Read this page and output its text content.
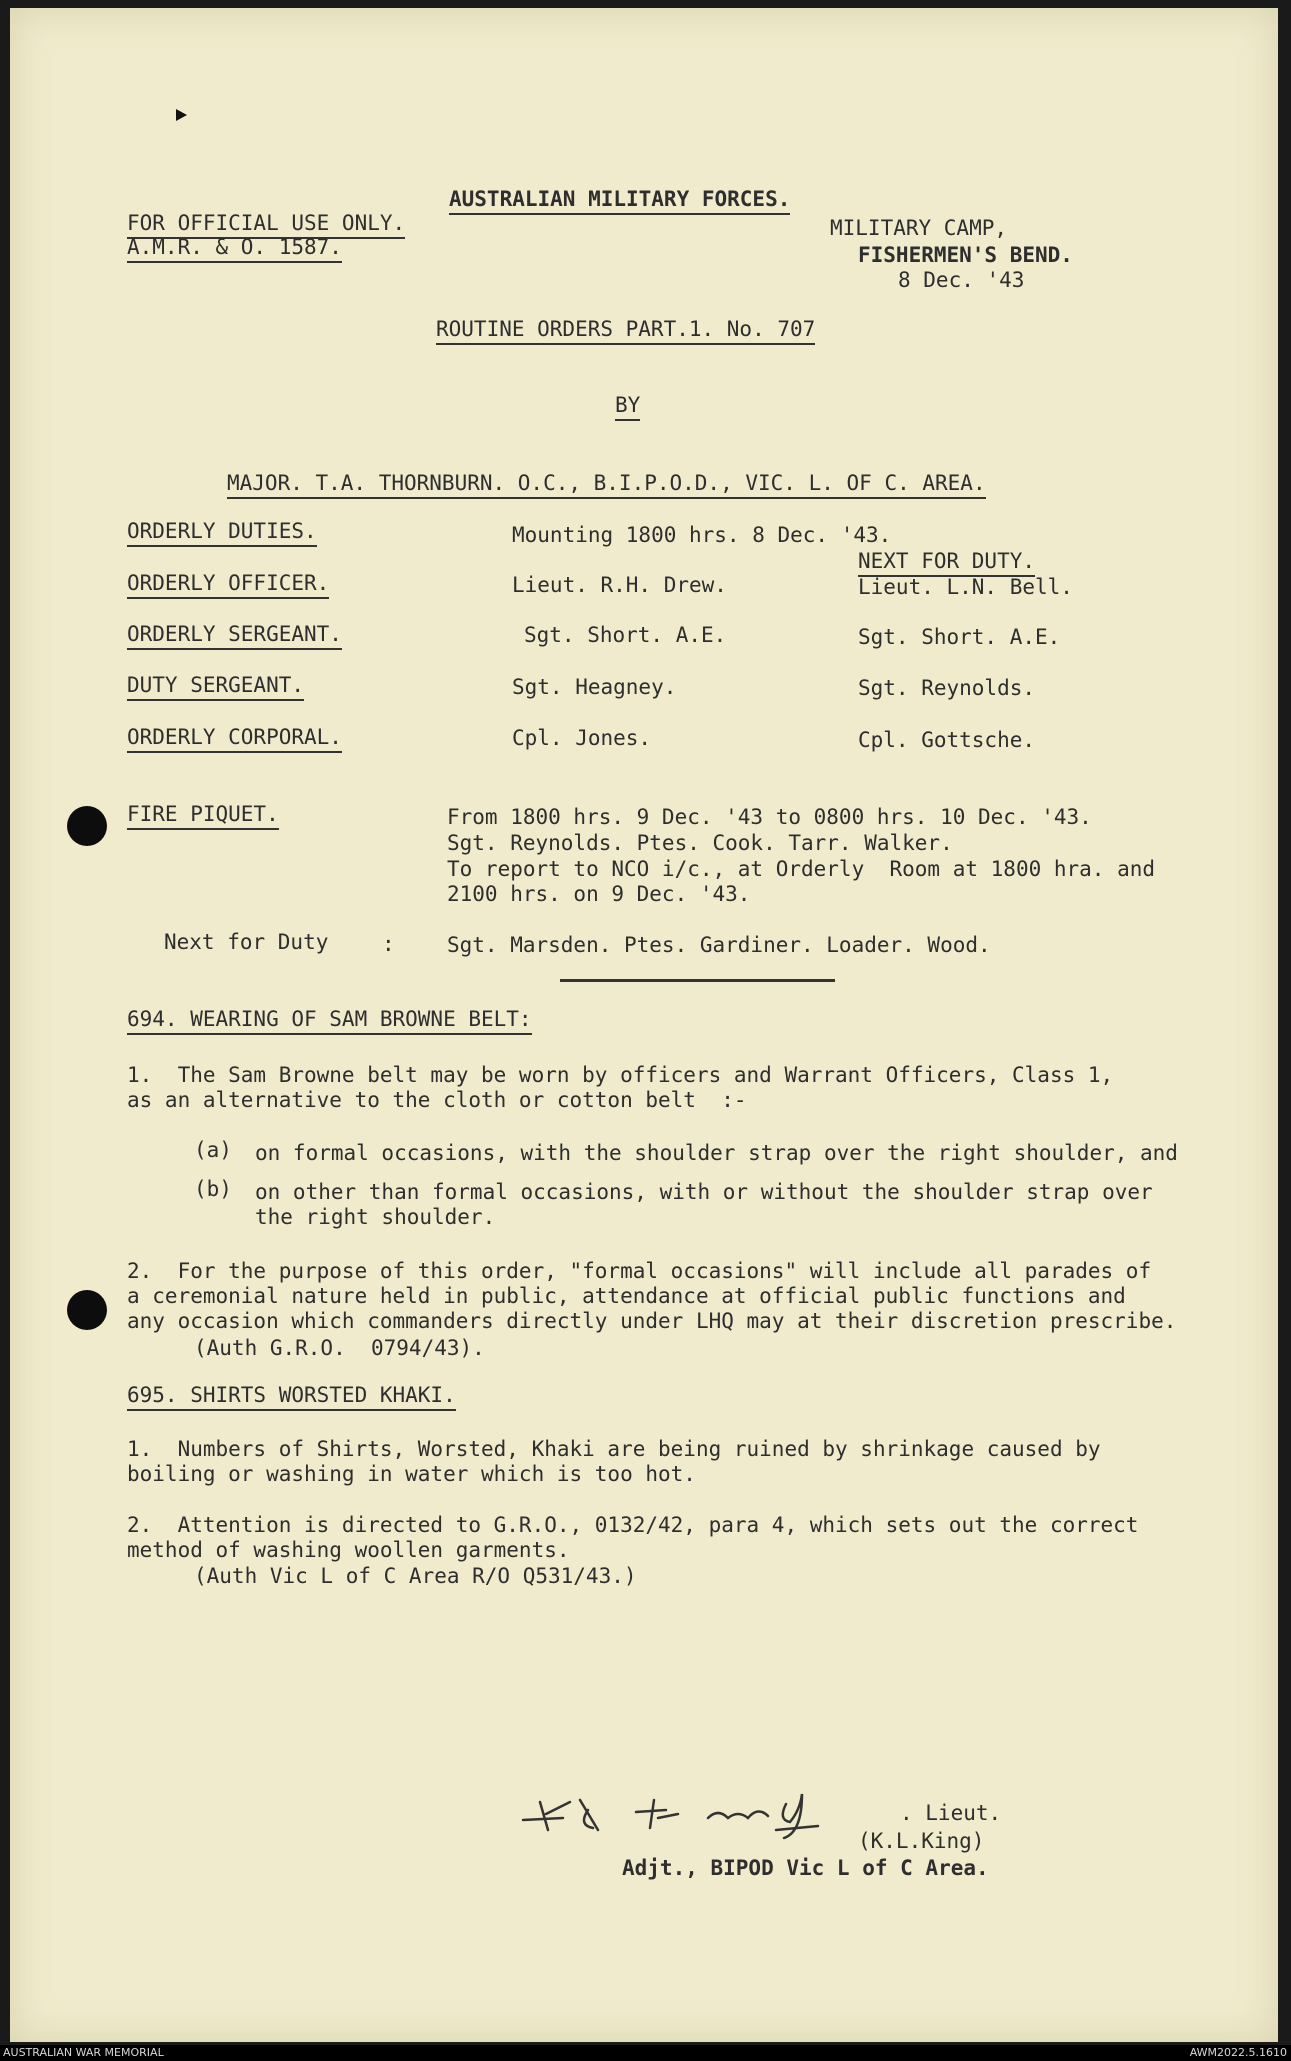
AUSTRALIAN MILITARY FORCES.
FOR OFFICIAL USE ONLY.
A.M.R. & O. 1587.
MILITARY CAMP,
FISHERMEN'S BEND.
8 Dec. '43
ROUTINE ORDERS PART.1. No. 707
BY
MAJOR. T.A. THORNBURN. O.C., B.I.P.O.D., VIC. L. OF C. AREA.
ORDERLY DUTIES.	Mounting 1800 hrs. 8 Dec. '43.
NEXT FOR DUTY.
ORDERLY OFFICER.	Lieut. R.H. Drew.	Lieut. L.N. Bell.
ORDERLY SERGEANT.	Sgt. Short. A.E.	Sgt. Short. A.E.
DUTY SERGEANT.	Sgt. Heagney.	Sgt. Reynolds.
ORDERLY CORPORAL.	Cpl. Jones.	Cpl. Gottsche.
FIRE PIQUET.	From 1800 hrs. 9 Dec. '43 to 0800 hrs. 10 Dec. '43.
Sgt. Reynolds. Ptes. Cook. Tarr. Walker.
To report to NCO i/c., at Orderly  Room at 1800 hra. and
2100 hrs. on 9 Dec. '43.
Next for Duty	: Sgt. Marsden. Ptes. Gardiner. Loader. Wood.
694. WEARING OF SAM BROWNE BELT:
1.  The Sam Browne belt may be worn by officers and Warrant Officers, Class 1,
as an alternative to the cloth or cotton belt  :-
(a) on formal occasions, with the shoulder strap over the right shoulder, and
(b) on other than formal occasions, with or without the shoulder strap over
the right shoulder.
2.  For the purpose of this order, "formal occasions" will include all parades of
a ceremonial nature held in public, attendance at official public functions and
any occasion which commanders directly under LHQ may at their discretion prescribe.
(Auth G.R.O.  0794/43).
695. SHIRTS WORSTED KHAKI.
1.  Numbers of Shirts, Worsted, Khaki are being ruined by shrinkage caused by
boiling or washing in water which is too hot.
2.  Attention is directed to G.R.O., 0132/42, para 4, which sets out the correct
method of washing woollen garments.
(Auth Vic L of C Area R/O Q531/43.)
. Lieut.
(K.L.King)
Adjt., BIPOD Vic L of C Area.
AUSTRALIAN WAR MEMORIAL	AWM2022.5.1610
